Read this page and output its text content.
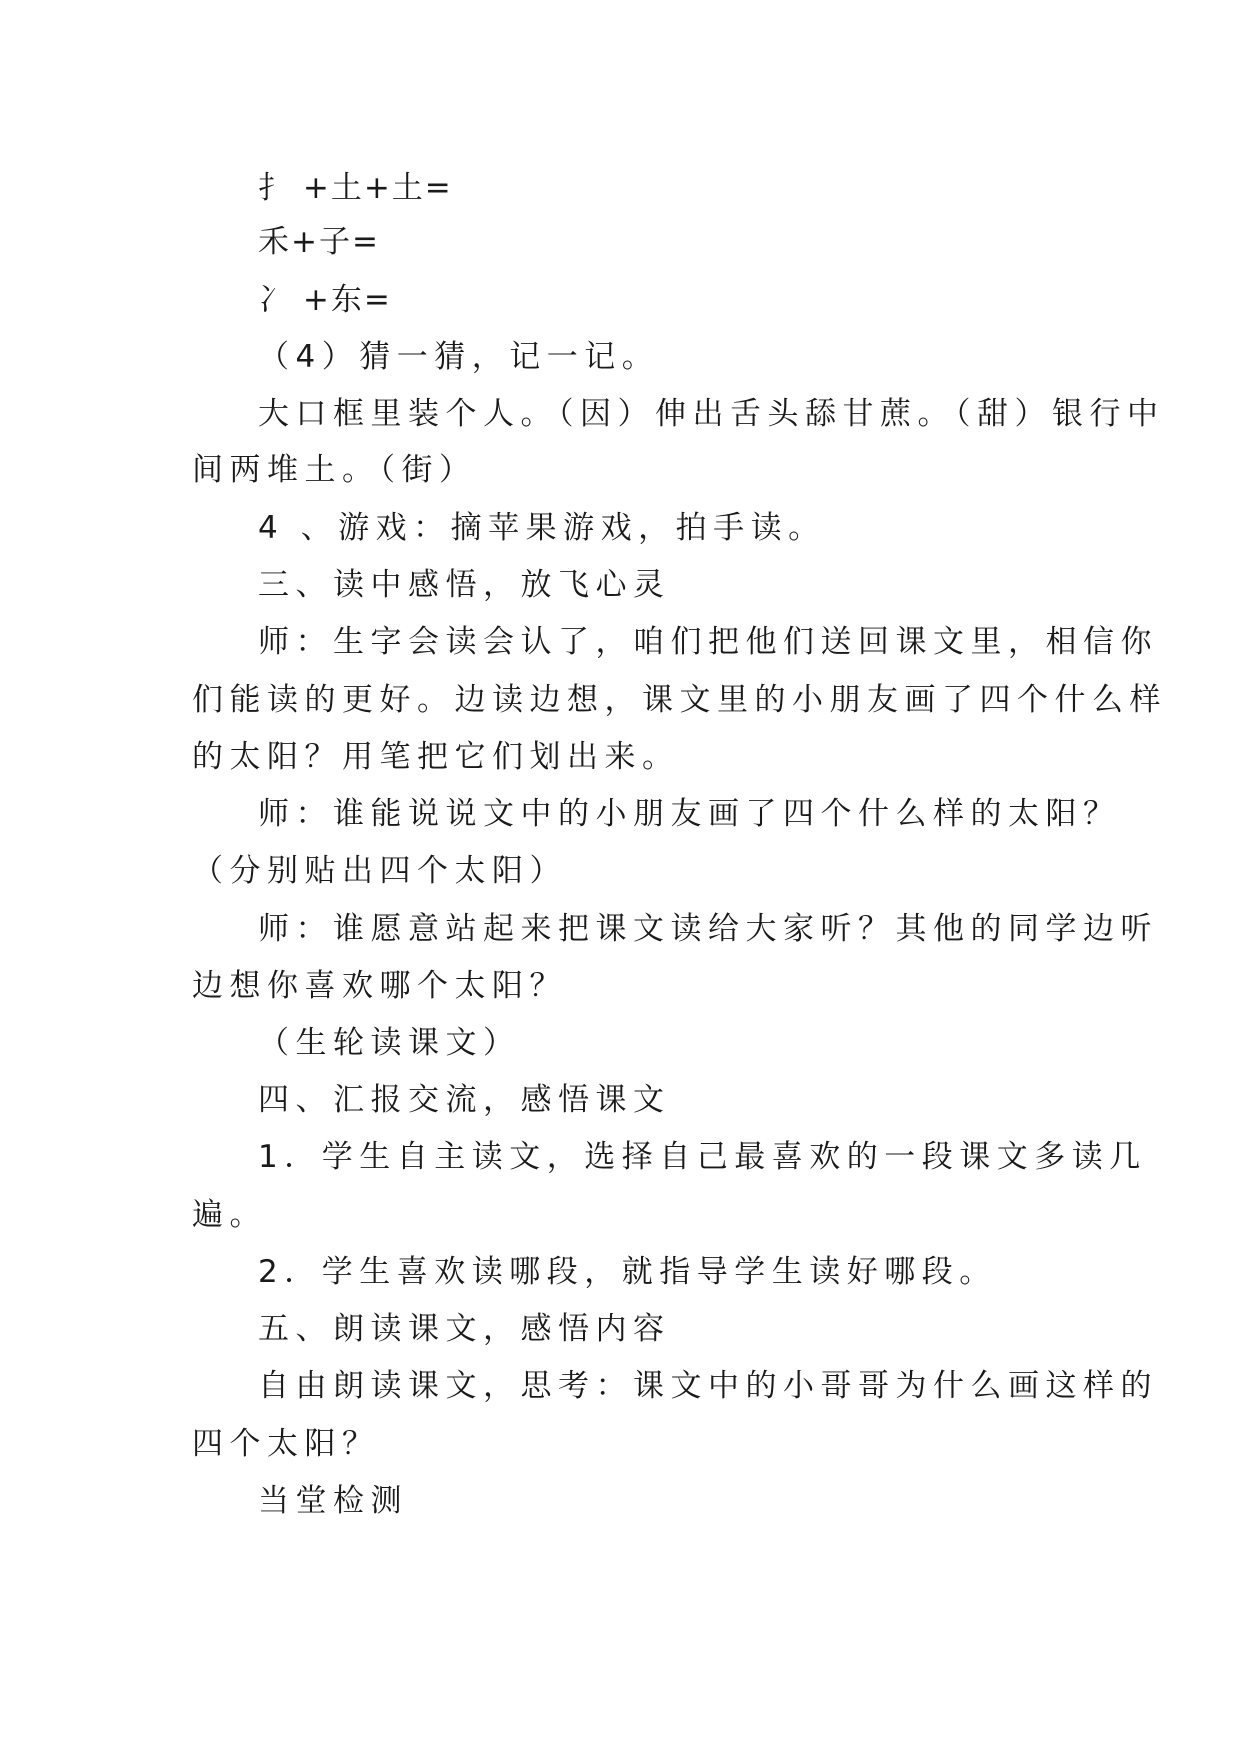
扌 +土+土=
禾+子=
冫 +东=
（4）猜一猜，记一记。
大口框里装个人。（因）伸出舌头舔甘蔗。（甜）银行中
间两堆土。（街）
4 、游戏：摘苹果游戏，拍手读。
三、读中感悟，放飞心灵
师：生字会读会认了，咱们把他们送回课文里，相信你
们能读的更好。边读边想，课文里的小朋友画了四个什么样
的太阳？用笔把它们划出来。
师：谁能说说文中的小朋友画了四个什么样的太阳？
（分别贴出四个太阳）
师：谁愿意站起来把课文读给大家听？其他的同学边听
边想你喜欢哪个太阳？
（生轮读课文）
四、汇报交流，感悟课文
1．学生自主读文，选择自己最喜欢的一段课文多读几
遍。
2．学生喜欢读哪段，就指导学生读好哪段。
五、朗读课文，感悟内容
自由朗读课文，思考：课文中的小哥哥为什么画这样的
四个太阳？
当堂检测
